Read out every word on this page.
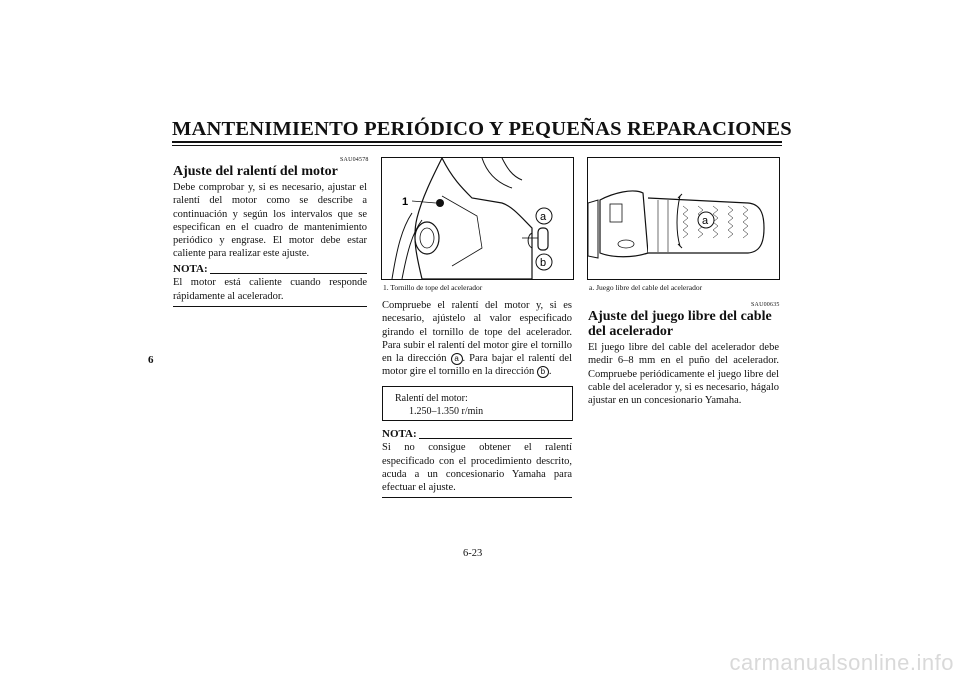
MANTENIMIENTO PERIÓDICO Y PEQUEÑAS REPARACIONES
6
SAU04578
Ajuste del ralentí del motor
Debe comprobar y, si es necesario, ajustar el ralentí del motor como se describe a continuación y según los intervalos que se especifican en el cuadro de mantenimiento periódico y engrase. El motor debe estar caliente para realizar este ajuste.
NOTA:
El motor está caliente cuando responde rápidamente al acelerador.
1
a
b
1. Tornillo de tope del acelerador
Compruebe el ralentí del motor y, si es necesario, ajústelo al valor especificado girando el tornillo de tope del acelerador. Para subir el ralentí del motor gire el tornillo en la dirección a . Para bajar el ralentí del motor gire el tornillo en la dirección b .
Ralentí del motor:
1.250–1.350 r/min
NOTA:
Si no consigue obtener el ralentí especificado con el procedimiento descrito, acuda a un concesionario Yamaha para efectuar el ajuste.
a
a. Juego libre del cable del acelerador
SAU00635
Ajuste del juego libre del cable del acelerador
El juego libre del cable del acelerador debe medir 6–8 mm en el puño del acelerador. Compruebe periódicamente el juego libre del cable del acelerador y, si es necesario, hágalo ajustar en un concesionario Yamaha.
6-23
carmanualsonline.info
